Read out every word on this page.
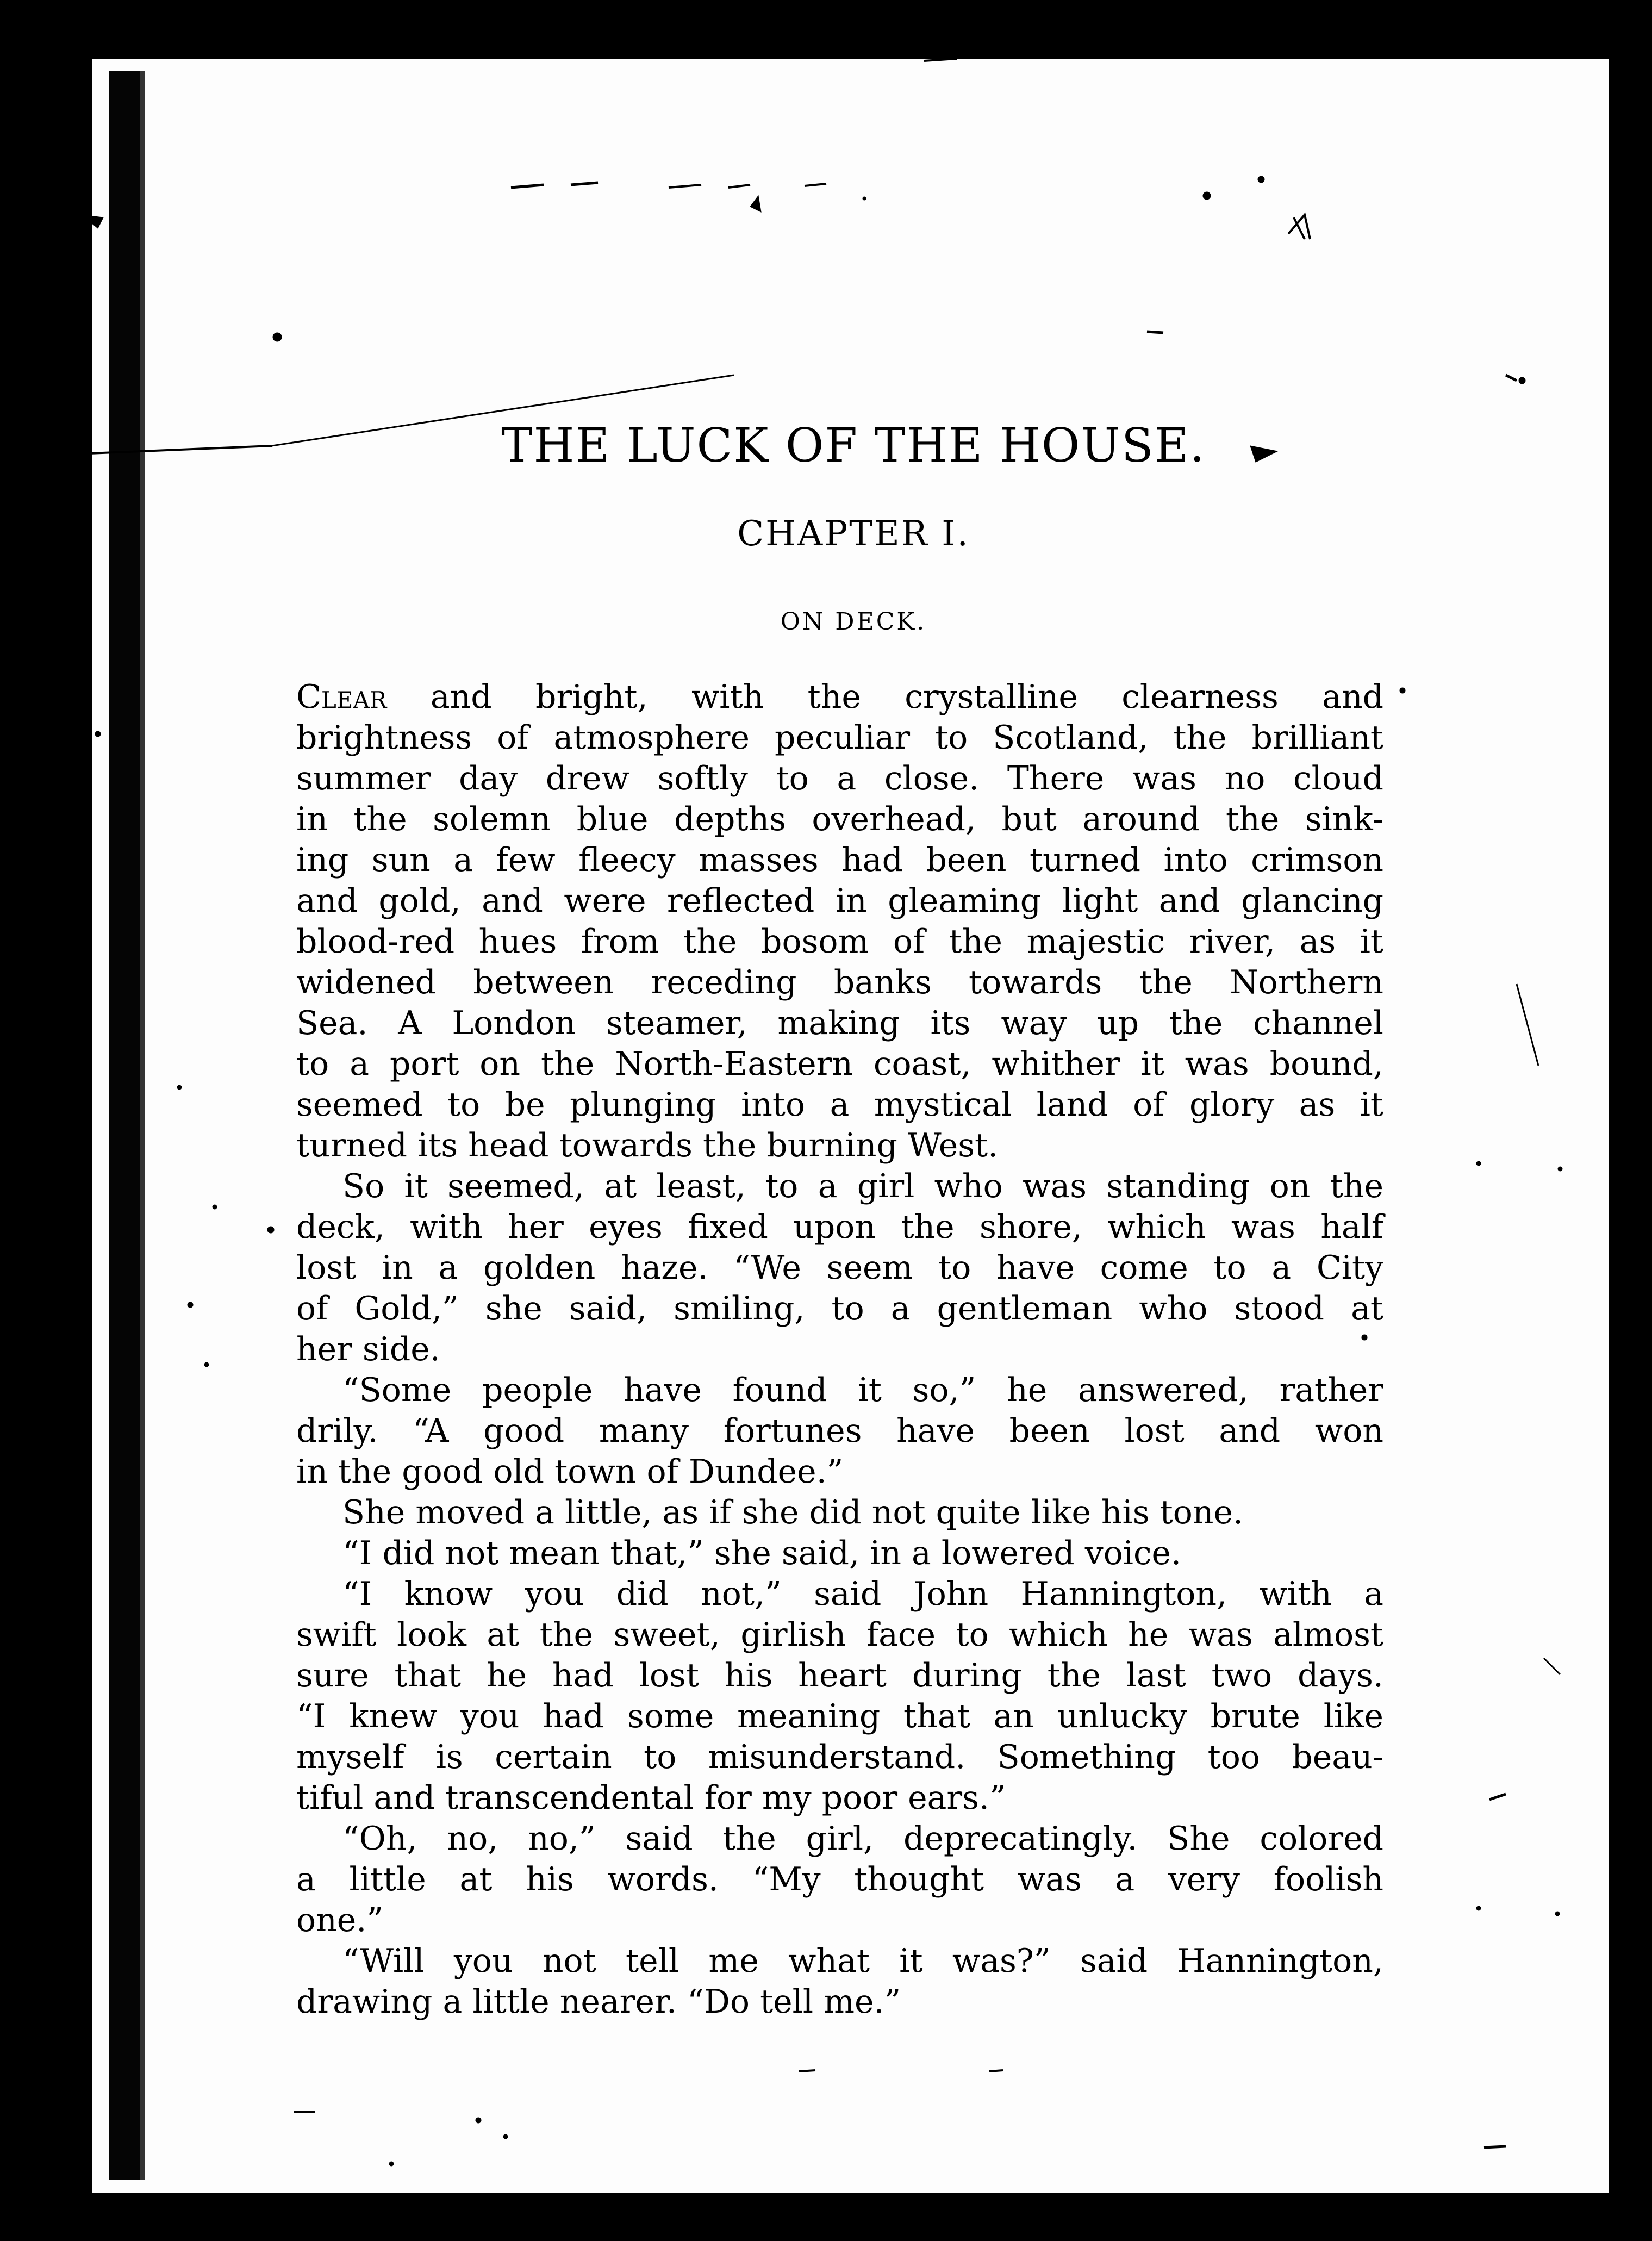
THE LUCK OF THE HOUSE.
CHAPTER I.
ON DECK.
Clear and bright, with the crystalline clearness and
brightness of atmosphere peculiar to Scotland, the brilliant
summer day drew softly to a close. There was no cloud
in the solemn blue depths overhead, but around the sink-
ing sun a few fleecy masses had been turned into crimson
and gold, and were reflected in gleaming light and glancing
blood-red hues from the bosom of the majestic river, as it
widened between receding banks towards the Northern
Sea. A London steamer, making its way up the channel
to a port on the North-Eastern coast, whither it was bound,
seemed to be plunging into a mystical land of glory as it
turned its head towards the burning West.
So it seemed, at least, to a girl who was standing on the
deck, with her eyes fixed upon the shore, which was half
lost in a golden haze. “We seem to have come to a City
of Gold,” she said, smiling, to a gentleman who stood at
her side.
“Some people have found it so,” he answered, rather
drily. “A good many fortunes have been lost and won
in the good old town of Dundee.”
She moved a little, as if she did not quite like his tone.
“I did not mean that,” she said, in a lowered voice.
“I know you did not,” said John Hannington, with a
swift look at the sweet, girlish face to which he was almost
sure that he had lost his heart during the last two days.
“I knew you had some meaning that an unlucky brute like
myself is certain to misunderstand. Something too beau-
tiful and transcendental for my poor ears.”
“Oh, no, no,” said the girl, deprecatingly. She colored
a little at his words. “My thought was a very foolish
one.”
“Will you not tell me what it was?” said Hannington,
drawing a little nearer. “Do tell me.”
